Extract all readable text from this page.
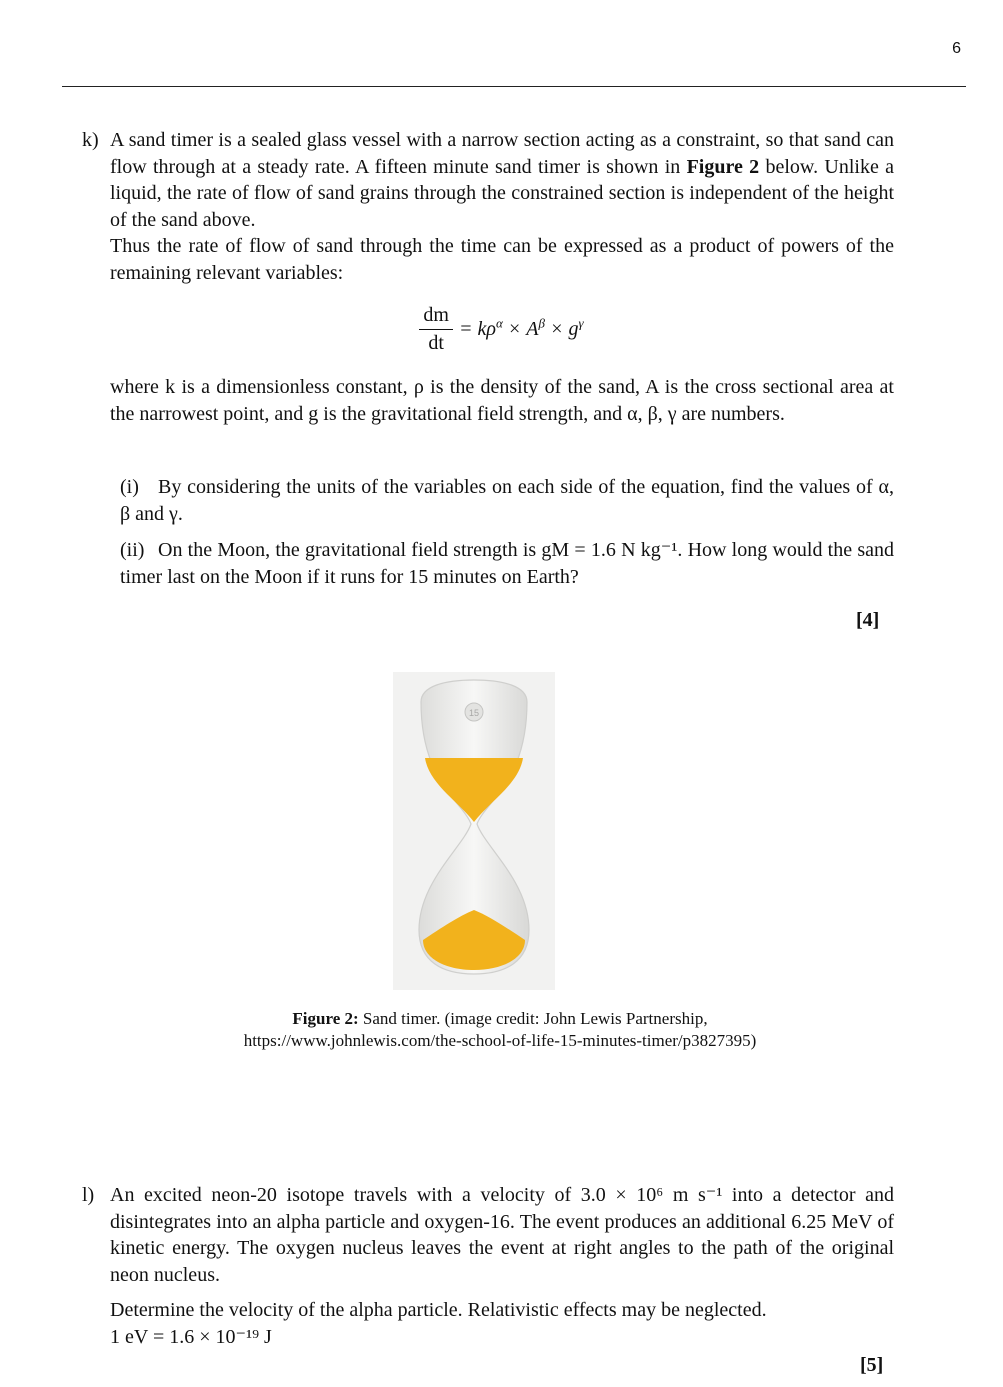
6
k) A sand timer is a sealed glass vessel with a narrow section acting as a constraint, so that sand can flow through at a steady rate. A fifteen minute sand timer is shown in Figure 2 below. Unlike a liquid, the rate of flow of sand grains through the constrained section is independent of the height of the sand above.
Thus the rate of flow of sand through the time can be expressed as a product of powers of the remaining relevant variables:
$\frac{dm}{dt} = k\rho^\alpha \times A^\beta \times g^\gamma$
where k is a dimensionless constant, ρ is the density of the sand, A is the cross sectional area at the narrowest point, and g is the gravitational field strength, and α, β, γ are numbers.
(i) By considering the units of the variables on each side of the equation, find the values of α, β and γ.
(ii) On the Moon, the gravitational field strength is gM = 1.6 N kg⁻¹. How long would the sand timer last on the Moon if it runs for 15 minutes on Earth?
[4]
15
Figure 2: Sand timer. (image credit: John Lewis Partnership,
https://www.johnlewis.com/the-school-of-life-15-minutes-timer/p3827395)
l) An excited neon-20 isotope travels with a velocity of 3.0 × 10⁶ m s⁻¹ into a detector and disintegrates into an alpha particle and oxygen-16. The event produces an additional 6.25 MeV of kinetic energy. The oxygen nucleus leaves the event at right angles to the path of the original neon nucleus.
Determine the velocity of the alpha particle. Relativistic effects may be neglected.
1 eV = 1.6 × 10⁻¹⁹ J
[5]
